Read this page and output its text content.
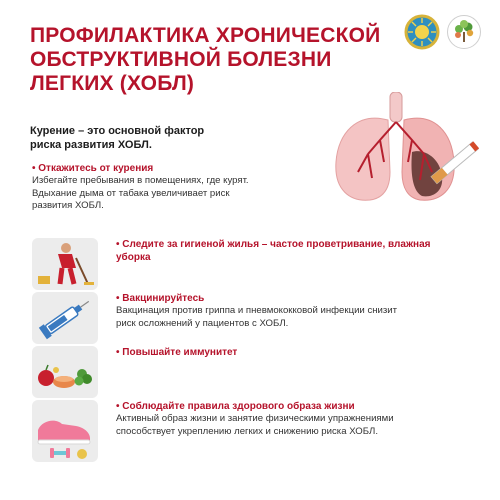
ПРОФИЛАКТИКА ХРОНИЧЕСКОЙ
ОБСТРУКТИВНОЙ БОЛЕЗНИ
ЛЕГКИХ (ХОБЛ)
Курение – это основной фактор
риска развития ХОБЛ.
• Откажитесь от курения
Избегайте пребывания в помещениях, где курят.
Вдыхание дыма от табака увеличивает риск
развития ХОБЛ.
• Следите за гигиеной жилья – частое проветривание, влажная
уборка
• Вакцинируйтесь
Вакцинация против гриппа и пневмококковой инфекции снизит
риск осложнений у пациентов с ХОБЛ.
• Повышайте иммунитет
• Соблюдайте правила здорового образа жизни
Активный образ жизни и занятие физическими упражнениями
способствует укреплению легких и снижению риска ХОБЛ.
